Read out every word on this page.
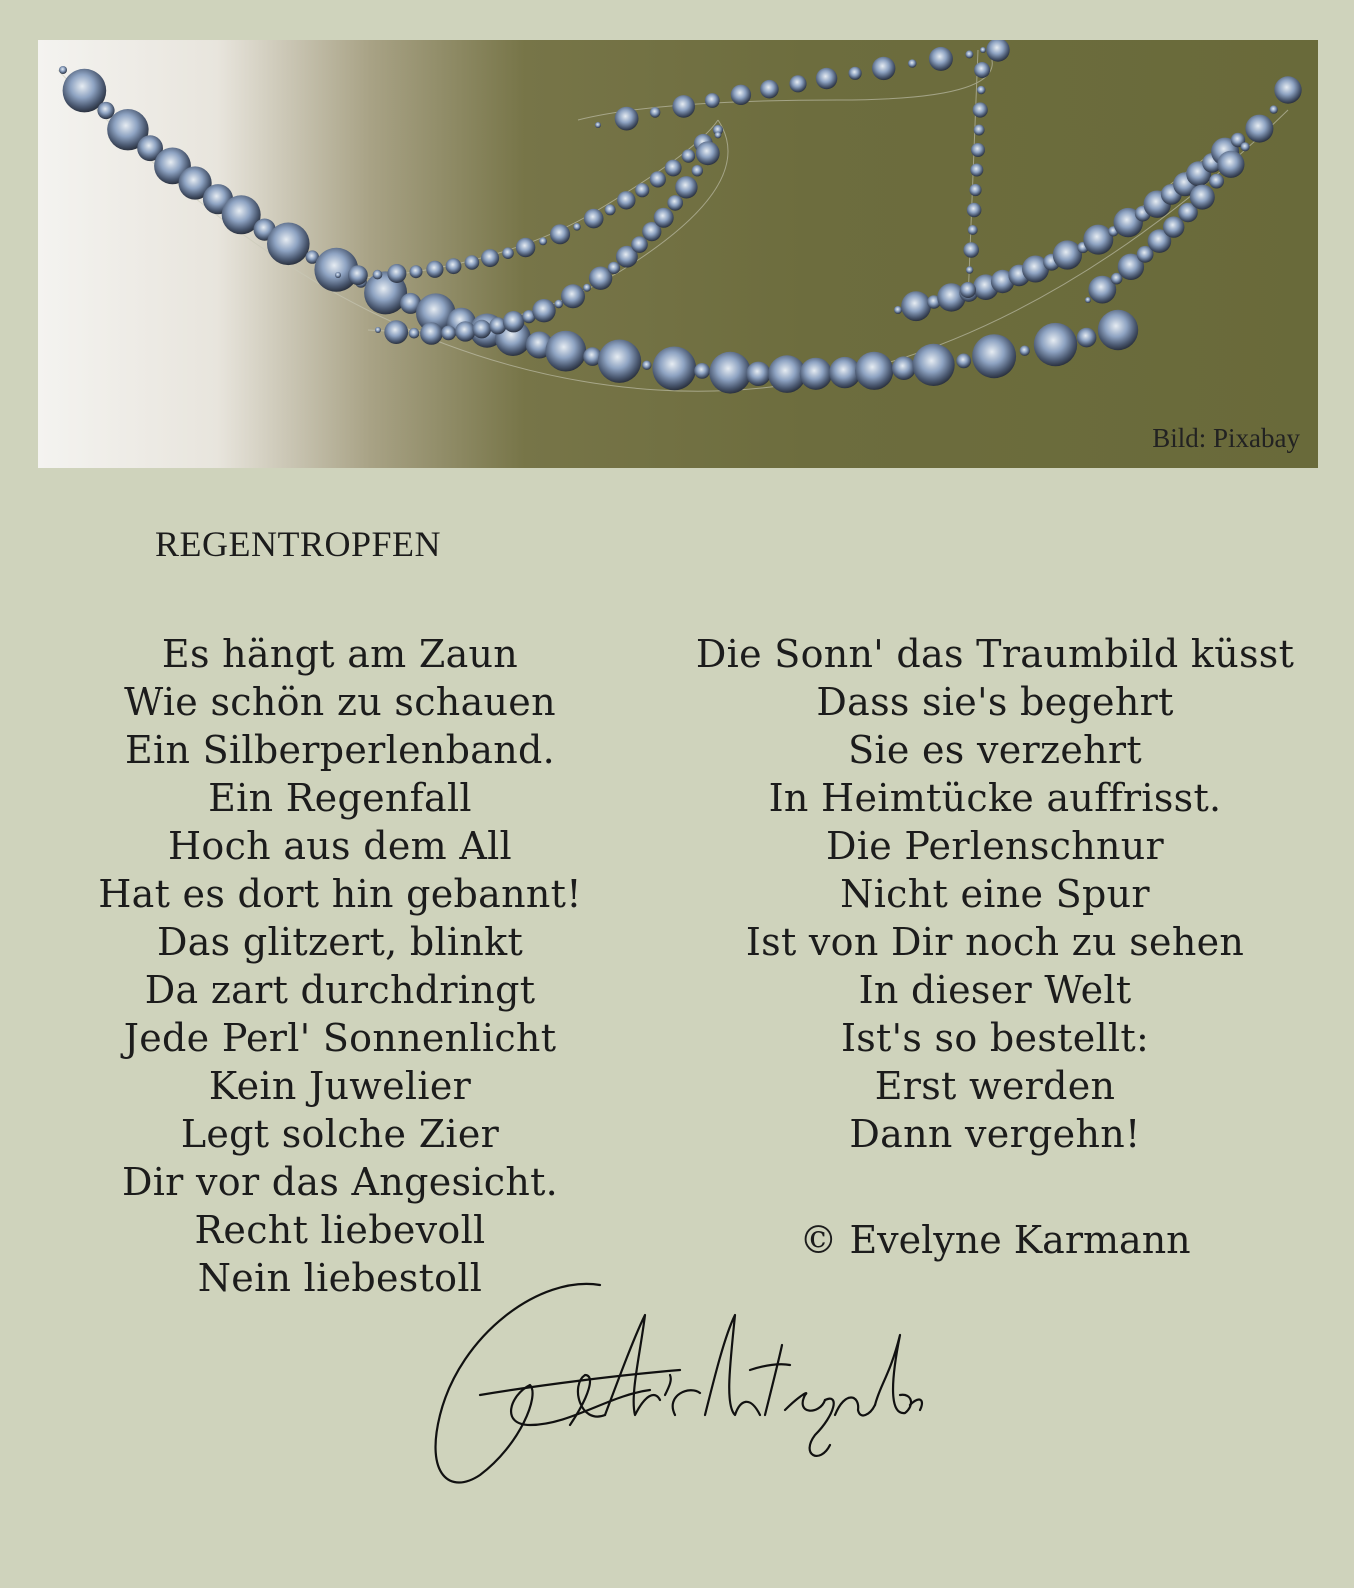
Bild: Pixabay
REGENTROPFEN
Es hängt am Zaun
Wie schön zu schauen
Ein Silberperlenband.
Ein Regenfall
Hoch aus dem All
Hat es dort hin gebannt!
Das glitzert, blinkt
Da zart durchdringt
Jede Perl' Sonnenlicht
Kein Juwelier
Legt solche Zier
Dir vor das Angesicht.
Recht liebevoll
Nein liebestoll
Die Sonn' das Traumbild küsst
Dass sie's begehrt
Sie es verzehrt
In Heimtücke auffrisst.
Die Perlenschnur
Nicht eine Spur
Ist von Dir noch zu sehen
In dieser Welt
Ist's so bestellt:
Erst werden
Dann vergehn!
© Evelyne Karmann
